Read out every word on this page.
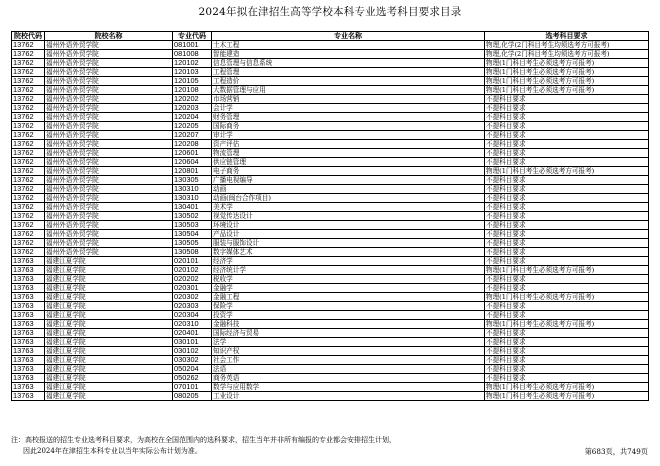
2024年拟在津招生高等学校本科专业选考科目要求目录
院校代码	院校名称	专业代码	专业名称	选考科目要求
13762	福州外语外贸学院	081001	土木工程	物理,化学(2门科目考生均须选考方可报考)
13762	福州外语外贸学院	081008	智能建造	物理,化学(2门科目考生均须选考方可报考)
13762	福州外语外贸学院	120102	信息管理与信息系统	物理(1门科目考生必须选考方可报考)
13762	福州外语外贸学院	120103	工程管理	物理(1门科目考生必须选考方可报考)
13762	福州外语外贸学院	120105	工程造价	物理(1门科目考生必须选考方可报考)
13762	福州外语外贸学院	120108	大数据管理与应用	物理(1门科目考生必须选考方可报考)
13762	福州外语外贸学院	120202	市场营销	不提科目要求
13762	福州外语外贸学院	120203	会计学	不提科目要求
13762	福州外语外贸学院	120204	财务管理	不提科目要求
13762	福州外语外贸学院	120205	国际商务	不提科目要求
13762	福州外语外贸学院	120207	审计学	不提科目要求
13762	福州外语外贸学院	120208	资产评估	不提科目要求
13762	福州外语外贸学院	120601	物流管理	不提科目要求
13762	福州外语外贸学院	120604	供应链管理	不提科目要求
13762	福州外语外贸学院	120801	电子商务	物理(1门科目考生必须选考方可报考)
13762	福州外语外贸学院	130305	广播电视编导	不提科目要求
13762	福州外语外贸学院	130310	动画	不提科目要求
13762	福州外语外贸学院	130310	动画(闽台合作项目)	不提科目要求
13762	福州外语外贸学院	130401	美术学	不提科目要求
13762	福州外语外贸学院	130502	视觉传达设计	不提科目要求
13762	福州外语外贸学院	130503	环境设计	不提科目要求
13762	福州外语外贸学院	130504	产品设计	不提科目要求
13762	福州外语外贸学院	130505	服装与服饰设计	不提科目要求
13762	福州外语外贸学院	130508	数字媒体艺术	不提科目要求
13763	福建江夏学院	020101	经济学	不提科目要求
13763	福建江夏学院	020102	经济统计学	物理(1门科目考生必须选考方可报考)
13763	福建江夏学院	020202	税收学	不提科目要求
13763	福建江夏学院	020301	金融学	不提科目要求
13763	福建江夏学院	020302	金融工程	物理(1门科目考生必须选考方可报考)
13763	福建江夏学院	020303	保险学	不提科目要求
13763	福建江夏学院	020304	投资学	不提科目要求
13763	福建江夏学院	020310	金融科技	物理(1门科目考生必须选考方可报考)
13763	福建江夏学院	020401	国际经济与贸易	不提科目要求
13763	福建江夏学院	030101	法学	不提科目要求
13763	福建江夏学院	030102	知识产权	不提科目要求
13763	福建江夏学院	030302	社会工作	不提科目要求
13763	福建江夏学院	050204	法语	不提科目要求
13763	福建江夏学院	050262	商务英语	不提科目要求
13763	福建江夏学院	070101	数学与应用数学	物理(1门科目考生必须选考方可报考)
13763	福建江夏学院	080205	工业设计	物理(1门科目考生必须选考方可报考)
注：高校报送的招生专业选考科目要求，为高校在全国范围内的选科要求，招生当年并非所有编报的专业都会安排招生计划，
因此2024年在津招生本科专业以当年实际公布计划为准。	第683页，共749页
